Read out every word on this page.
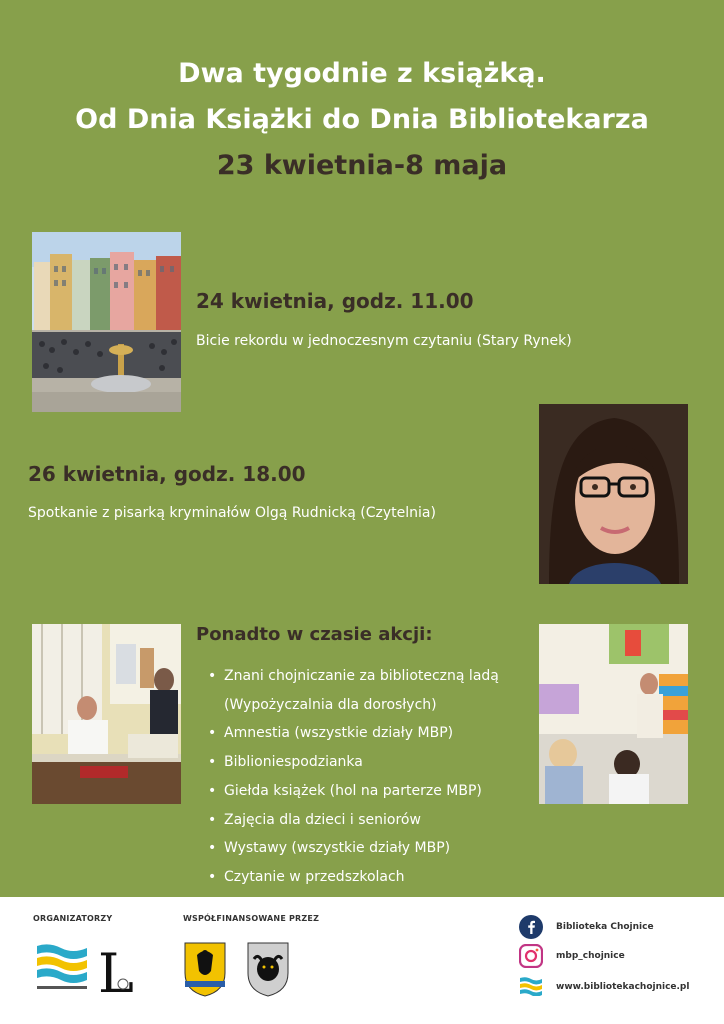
Dwa tygodnie z książką.
Od Dnia Książki do Dnia Bibliotekarza
23 kwietnia-8 maja
24 kwietnia, godz. 11.00
Bicie rekordu w jednoczesnym czytaniu (Stary Rynek)
26 kwietnia, godz. 18.00
Spotkanie z pisarką kryminałów Olgą Rudnicką (Czytelnia)
Ponadto w czasie akcji:
• Znani chojniczanie za biblioteczną ladą
(Wypożyczalnia dla dorosłych)
• Amnestia (wszystkie działy MBP)
• Biblioniespodzianka
• Giełda książek (hol na parterze MBP)
• Zajęcia dla dzieci i seniorów
• Wystawy (wszystkie działy MBP)
• Czytanie w przedszkolach
ORGANIZATORZY
L
WSPÓŁFINANSOWANE PRZEZ
Biblioteka Chojnice
mbp_chojnice
www.bibliotekachojnice.pl
